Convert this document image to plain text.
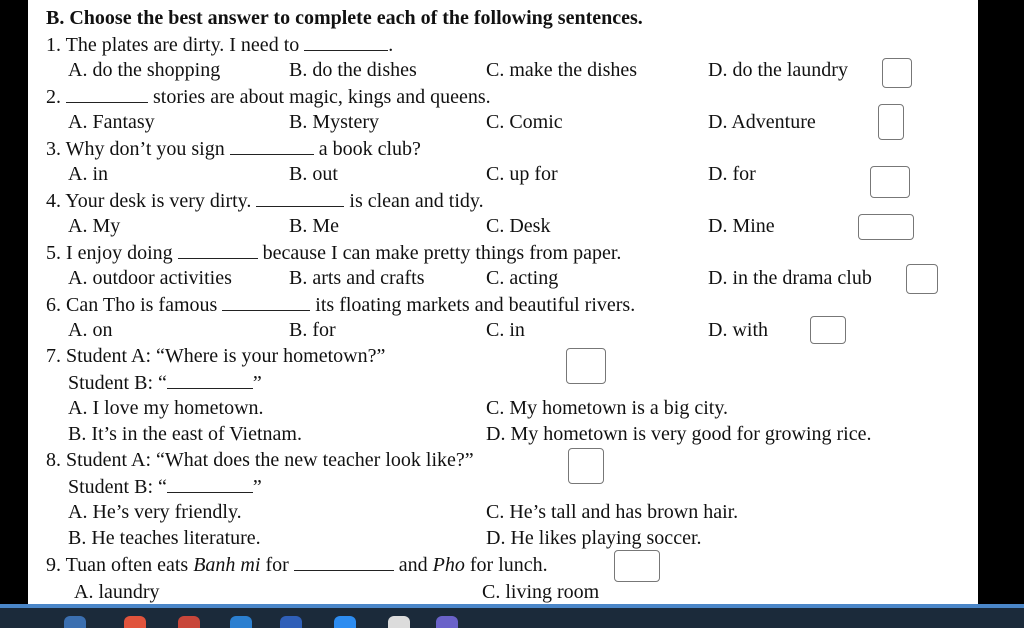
B. Choose the best answer to complete each of the following sentences.
1. The plates are dirty. I need to	.
A. do the shopping	B. do the dishes	C. make the dishes	D. do the laundry
2.	stories are about magic, kings and queens.
A. Fantasy	B. Mystery	C. Comic	D. Adventure
3. Why don’t you sign	a book club?
A. in	B. out	C. up for	D. for
4. Your desk is very dirty.	is clean and tidy.
A. My	B. Me	C. Desk	D. Mine
5. I enjoy doing	because I can make pretty things from paper.
A. outdoor activities	B. arts and crafts	C. acting	D. in the drama club
6. Can Tho is famous	its floating markets and beautiful rivers.
A. on	B. for	C. in	D. with
7. Student A: “Where is your hometown?”
Student B: “	”
A. I love my hometown.	C. My hometown is a big city.
B. It’s in the east of Vietnam.	D. My hometown is very good for growing rice.
8. Student A: “What does the new teacher look like?”
Student B: “	”
A. He’s very friendly.	C. He’s tall and has brown hair.
B. He teaches literature.	D. He likes playing soccer.
9. Tuan often eats Banh mi for	and Pho for lunch.
A. laundry	C. living room
